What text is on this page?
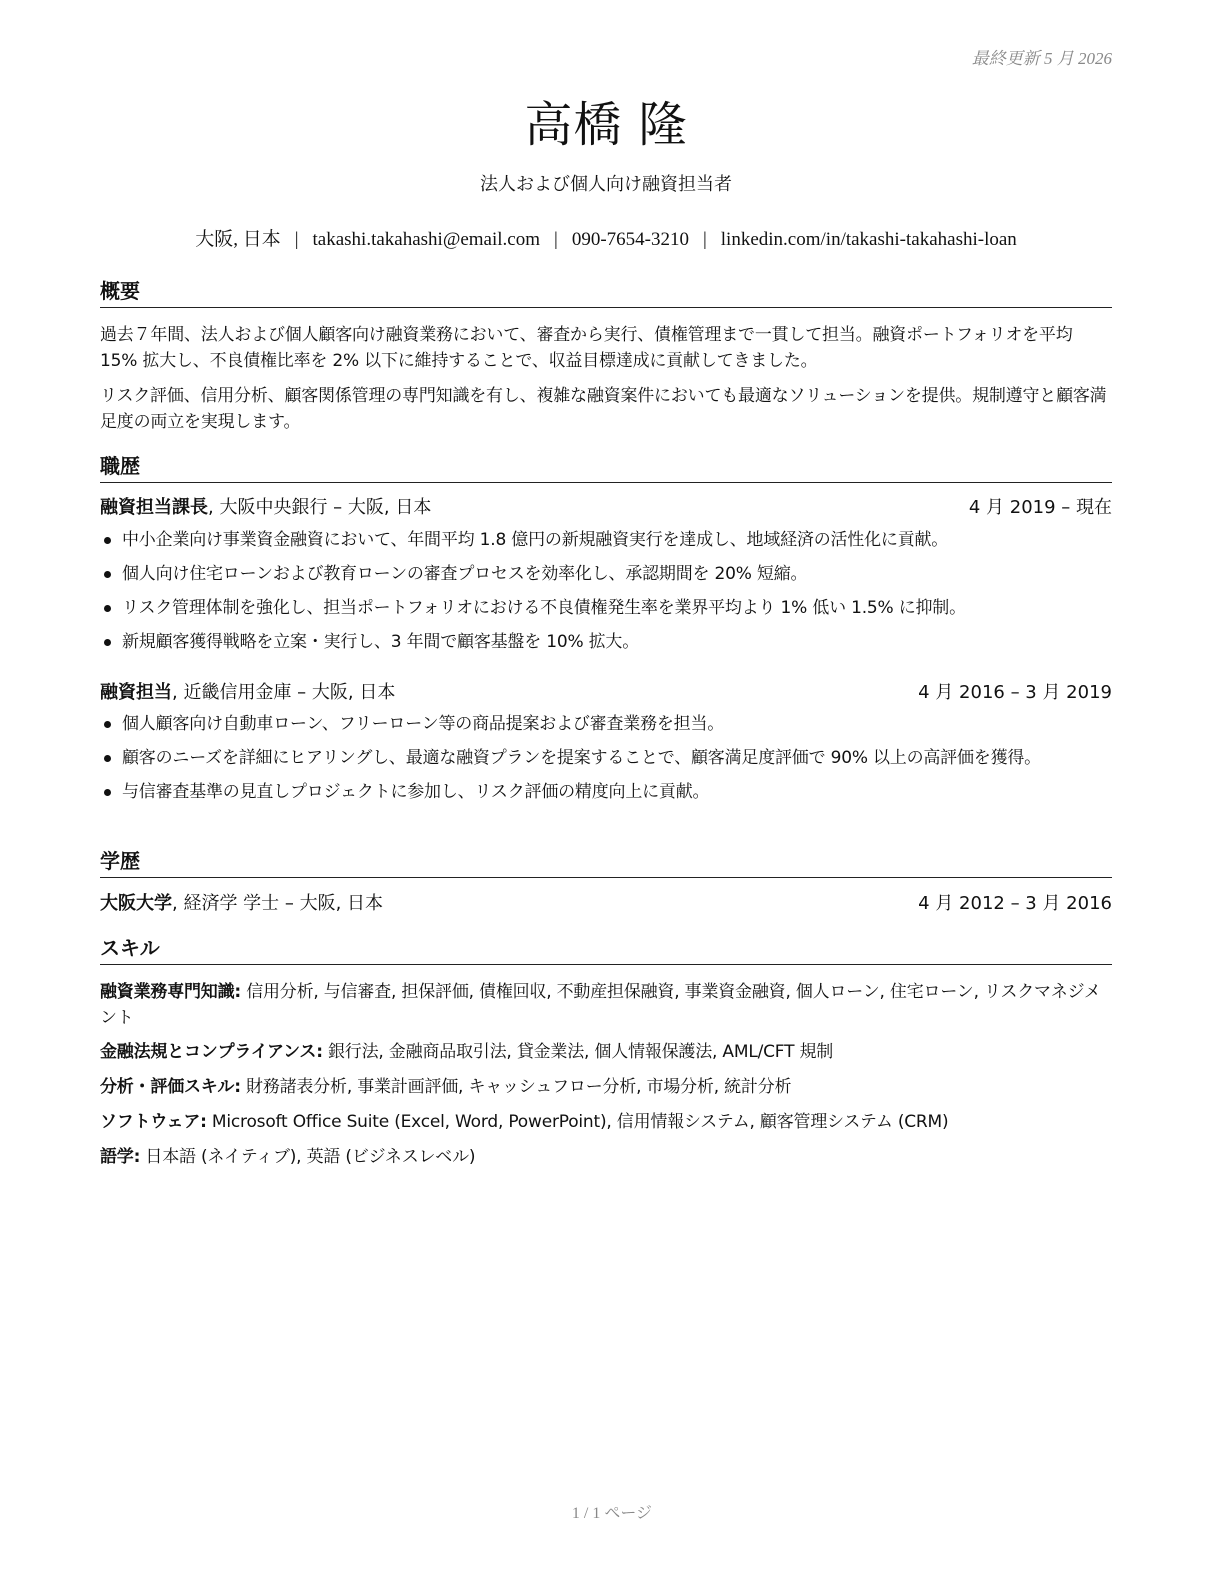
最終更新 5 月 2026
高橋 隆
法人および個人向け融資担当者
大阪, 日本 | takashi.takahashi@email.com | 090-7654-3210 | linkedin.com/in/takashi-takahashi-loan
概要
過去７年間、法人および個人顧客向け融資業務において、審査から実行、債権管理まで一貫して担当。融資ポートフォリオを平均 15% 拡大し、不良債権比率を 2% 以下に維持することで、収益目標達成に貢献してきました。
リスク評価、信用分析、顧客関係管理の専門知識を有し、複雑な融資案件においても最適なソリューションを提供。規制遵守と顧客満足度の両立を実現します。
職歴
融資担当課長, 大阪中央銀行 – 大阪, 日本	4 月 2019 – 現在
中小企業向け事業資金融資において、年間平均 1.8 億円の新規融資実行を達成し、地域経済の活性化に貢献。
個人向け住宅ローンおよび教育ローンの審査プロセスを効率化し、承認期間を 20% 短縮。
リスク管理体制を強化し、担当ポートフォリオにおける不良債権発生率を業界平均より 1% 低い 1.5% に抑制。
新規顧客獲得戦略を立案・実行し、3 年間で顧客基盤を 10% 拡大。
融資担当, 近畿信用金庫 – 大阪, 日本	4 月 2016 – 3 月 2019
個人顧客向け自動車ローン、フリーローン等の商品提案および審査業務を担当。
顧客のニーズを詳細にヒアリングし、最適な融資プランを提案することで、顧客満足度評価で 90% 以上の高評価を獲得。
与信審査基準の見直しプロジェクトに参加し、リスク評価の精度向上に貢献。
学歴
大阪大学, 経済学 学士 – 大阪, 日本	4 月 2012 – 3 月 2016
スキル
融資業務専門知識: 信用分析, 与信審査, 担保評価, 債権回収, 不動産担保融資, 事業資金融資, 個人ローン, 住宅ローン, リスクマネジメント
金融法規とコンプライアンス: 銀行法, 金融商品取引法, 貸金業法, 個人情報保護法, AML/CFT 規制
分析・評価スキル: 財務諸表分析, 事業計画評価, キャッシュフロー分析, 市場分析, 統計分析
ソフトウェア: Microsoft Office Suite (Excel, Word, PowerPoint), 信用情報システム, 顧客管理システム (CRM)
語学: 日本語 (ネイティブ), 英語 (ビジネスレベル)
1 / 1 ページ
